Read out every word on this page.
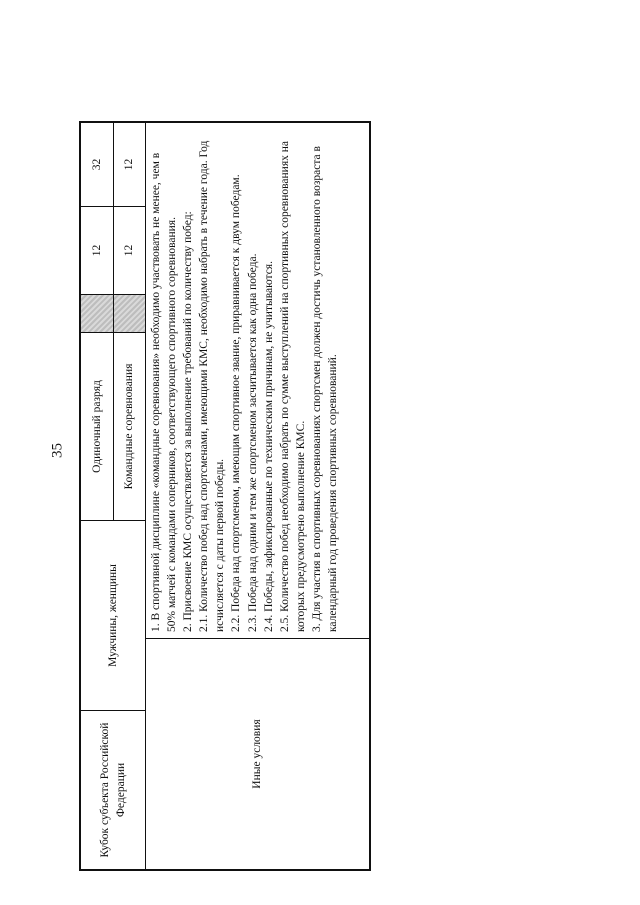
35
Кубок субъекта Российской Федерации
Мужчины, женщины
Одиночный разряд
12
32
Командные соревнования
12
12
Иные условия
1. В спортивной дисциплине «командные соревнования» необходимо участвовать не менее, чем в 50% матчей с командами соперников, соответствующего спортивного соревнования. 2. Присвоение КМС осуществляется за выполнение требований по количеству побед: 2.1. Количество побед над спортсменами, имеющими КМС, необходимо набрать в течение года. Год исчисляется с даты первой победы. 2.2. Победа над спортсменом, имеющим спортивное звание, приравнивается к двум победам. 2.3. Победа над одним и тем же спортсменом засчитывается как одна победа. 2.4. Победы, зафиксированные по техническим причинам, не учитываются. 2.5. Количество побед необходимо набрать по сумме выступлений на спортивных соревнованиях на которых предусмотрено выполнение КМС. 3. Для участия в спортивных соревнованиях спортсмен должен достичь установленного возраста в календарный год проведения спортивных соревнований.
